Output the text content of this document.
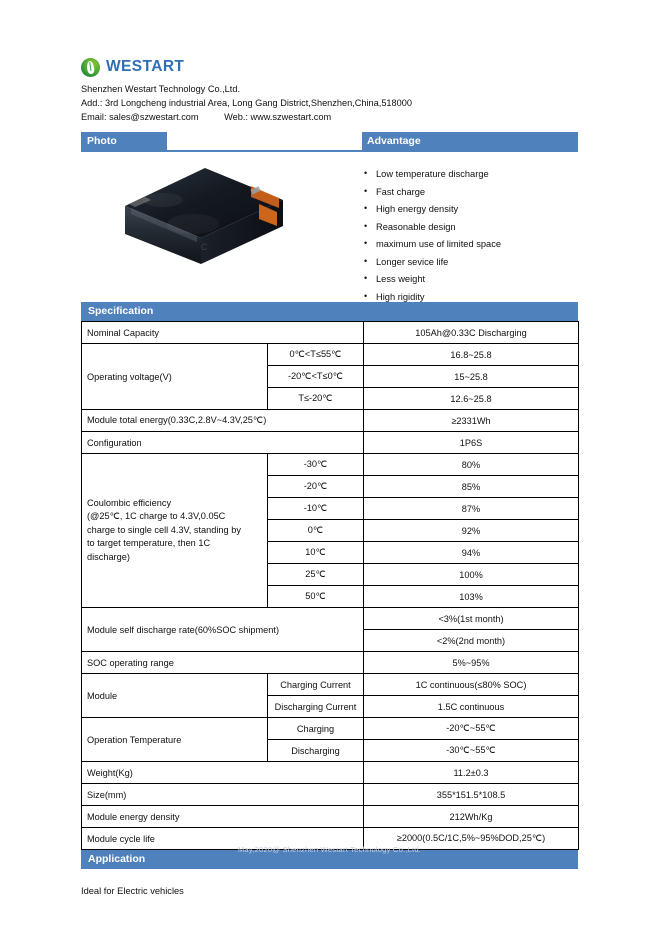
WESTART
Shenzhen Westart Technology Co.,Ltd.
Add.: 3rd Longcheng industrial Area, Long Gang District,Shenzhen,China,518000
Email: sales@szwestart.com          Web.: www.szwestart.com
Photo	Advantage
C
• Low temperature discharge
• Fast charge
• High energy density
• Reasonable design
• maximum use of limited space
• Longer sevice life
• Less weight
• High rigidity
Specification
Nominal Capacity		105Ah@0.33C Discharging
Operating voltage(V)	0℃<T≤55℃	16.8~25.8
	-20℃<T≤0℃	15~25.8
	T≤-20℃	12.6~25.8
Module total energy(0.33C,2.8V~4.3V,25℃)		≥2331Wh
Configuration		1P6S

Coulombic efficiency
(@25℃, 1C charge to 4.3V,0.05C
charge to single cell 4.3V, standing by
to target temperature, then 1C
discharge)	-30℃	80%
	-20℃	85%
	-10℃	87%
	0℃	92%
	10℃	94%
	25℃	100%
	50℃	103%
Module self discharge rate(60%SOC shipment)		<3%(1st month)
		<2%(2nd month)
SOC operating range		5%~95%
Module	Charging Current	1C continuous(≤80% SOC)
	Discharging Current	1.5C continuous
Operation Temperature	Charging	-20℃~55℃
	Discharging	-30℃~55℃
Weight(Kg)		11.2±0.3
Size(mm)		355*151.5*108.5
Module energy density		212Wh/Kg
Module cycle life		≥2000(0.5C/1C,5%~95%DOD,25℃)
Application
Ideal for Electric vehicles
May,2020@ Shenzhen Westart Technology Co.,Ltd.
